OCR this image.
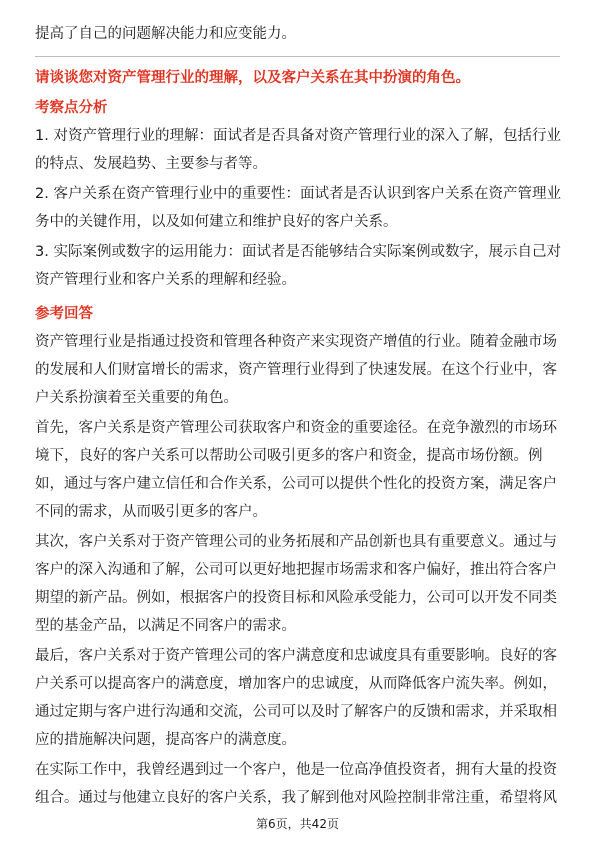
提高了自己的问题解决能力和应变能力。
请谈谈您对资产管理行业的理解，以及客户关系在其中扮演的角色。
考察点分析
1. 对资产管理行业的理解：面试者是否具备对资产管理行业的深入了解，包括行业
的特点、发展趋势、主要参与者等。
2. 客户关系在资产管理行业中的重要性：面试者是否认识到客户关系在资产管理业
务中的关键作用，以及如何建立和维护良好的客户关系。
3. 实际案例或数字的运用能力：面试者是否能够结合实际案例或数字，展示自己对
资产管理行业和客户关系的理解和经验。
参考回答
资产管理行业是指通过投资和管理各种资产来实现资产增值的行业。随着金融市场
的发展和人们财富增长的需求，资产管理行业得到了快速发展。在这个行业中，客
户关系扮演着至关重要的角色。
首先，客户关系是资产管理公司获取客户和资金的重要途径。在竞争激烈的市场环
境下，良好的客户关系可以帮助公司吸引更多的客户和资金，提高市场份额。例
如，通过与客户建立信任和合作关系，公司可以提供个性化的投资方案，满足客户
不同的需求，从而吸引更多的客户。
其次，客户关系对于资产管理公司的业务拓展和产品创新也具有重要意义。通过与
客户的深入沟通和了解，公司可以更好地把握市场需求和客户偏好，推出符合客户
期望的新产品。例如，根据客户的投资目标和风险承受能力，公司可以开发不同类
型的基金产品，以满足不同客户的需求。
最后，客户关系对于资产管理公司的客户满意度和忠诚度具有重要影响。良好的客
户关系可以提高客户的满意度，增加客户的忠诚度，从而降低客户流失率。例如，
通过定期与客户进行沟通和交流，公司可以及时了解客户的反馈和需求，并采取相
应的措施解决问题，提高客户的满意度。
在实际工作中，我曾经遇到过一个客户，他是一位高净值投资者，拥有大量的投资
组合。通过与他建立良好的客户关系，我了解到他对风险控制非常注重，希望将风
第6页，共42页
